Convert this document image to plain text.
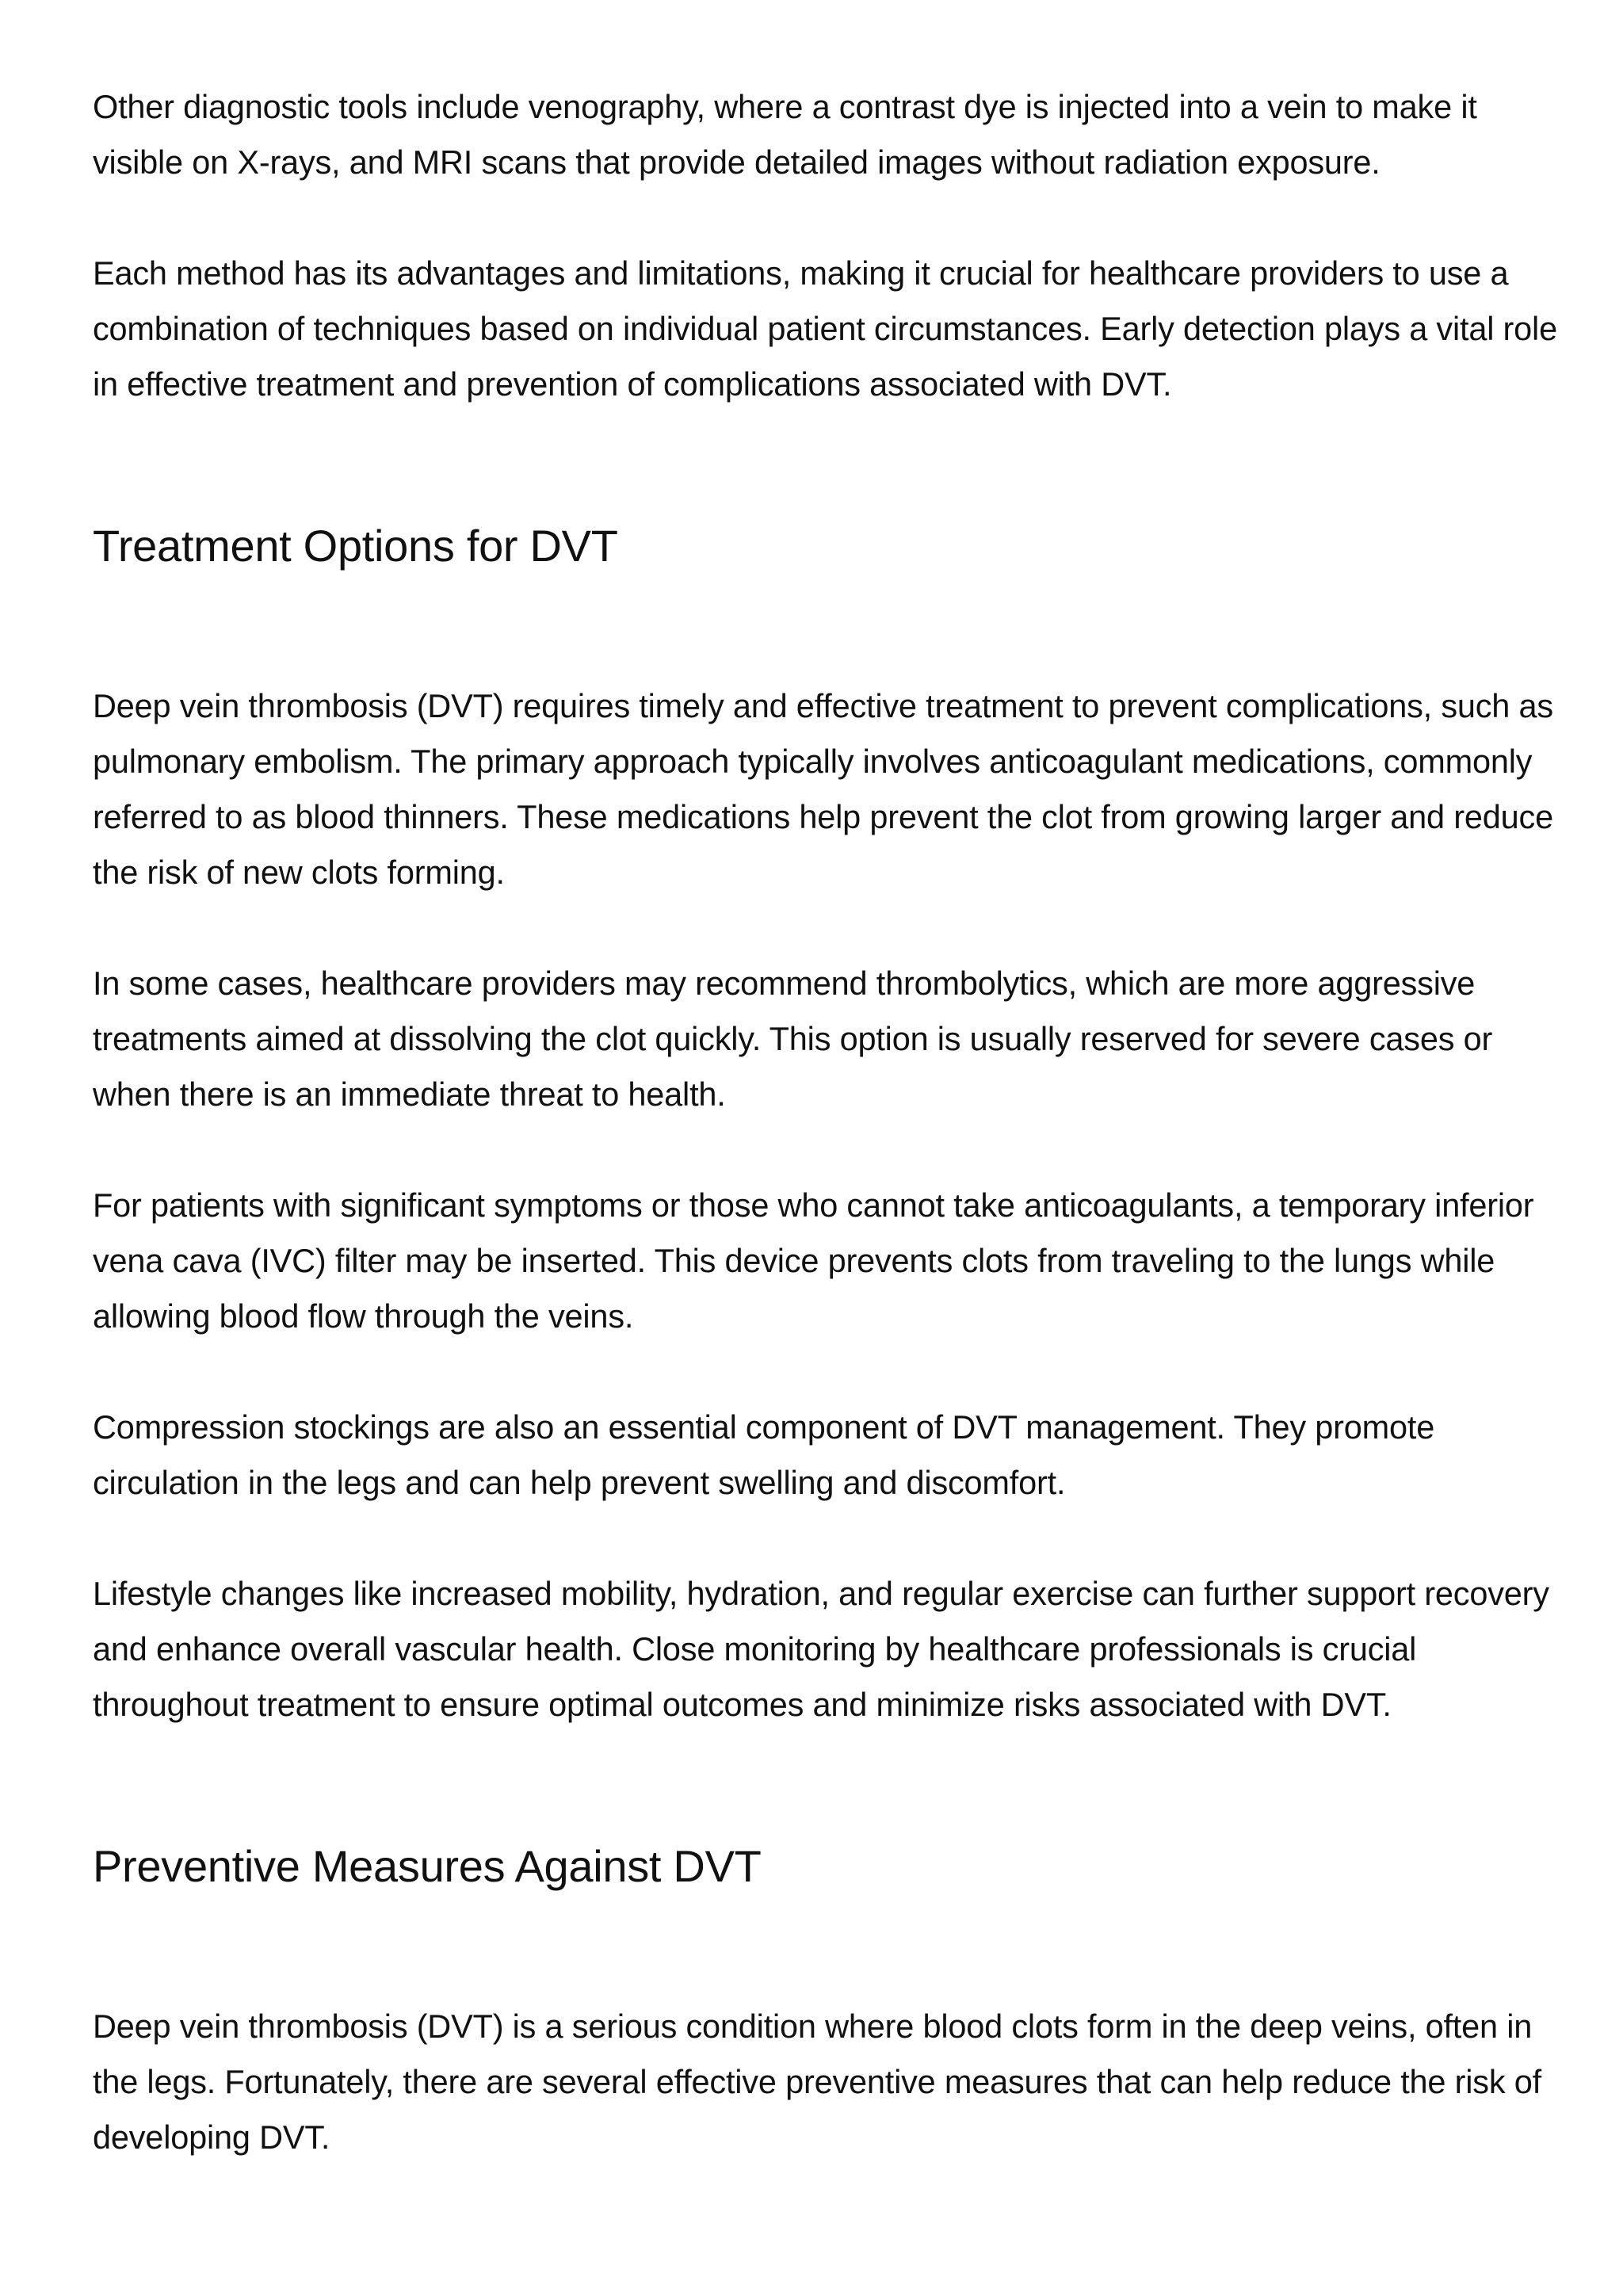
Other diagnostic tools include venography, where a contrast dye is injected into a vein to make it visible on X-rays, and MRI scans that provide detailed images without radiation exposure.

Each method has its advantages and limitations, making it crucial for healthcare providers to use a combination of techniques based on individual patient circumstances. Early detection plays a vital role in effective treatment and prevention of complications associated with DVT.

Treatment Options for DVT

Deep vein thrombosis (DVT) requires timely and effective treatment to prevent complications, such as pulmonary embolism. The primary approach typically involves anticoagulant medications, commonly referred to as blood thinners. These medications help prevent the clot from growing larger and reduce the risk of new clots forming.

In some cases, healthcare providers may recommend thrombolytics, which are more aggressive treatments aimed at dissolving the clot quickly. This option is usually reserved for severe cases or when there is an immediate threat to health.

For patients with significant symptoms or those who cannot take anticoagulants, a temporary inferior vena cava (IVC) filter may be inserted. This device prevents clots from traveling to the lungs while allowing blood flow through the veins.

Compression stockings are also an essential component of DVT management. They promote circulation in the legs and can help prevent swelling and discomfort.

Lifestyle changes like increased mobility, hydration, and regular exercise can further support recovery and enhance overall vascular health. Close monitoring by healthcare professionals is crucial throughout treatment to ensure optimal outcomes and minimize risks associated with DVT.

Preventive Measures Against DVT

Deep vein thrombosis (DVT) is a serious condition where blood clots form in the deep veins, often in the legs. Fortunately, there are several effective preventive measures that can help reduce the risk of developing DVT.
